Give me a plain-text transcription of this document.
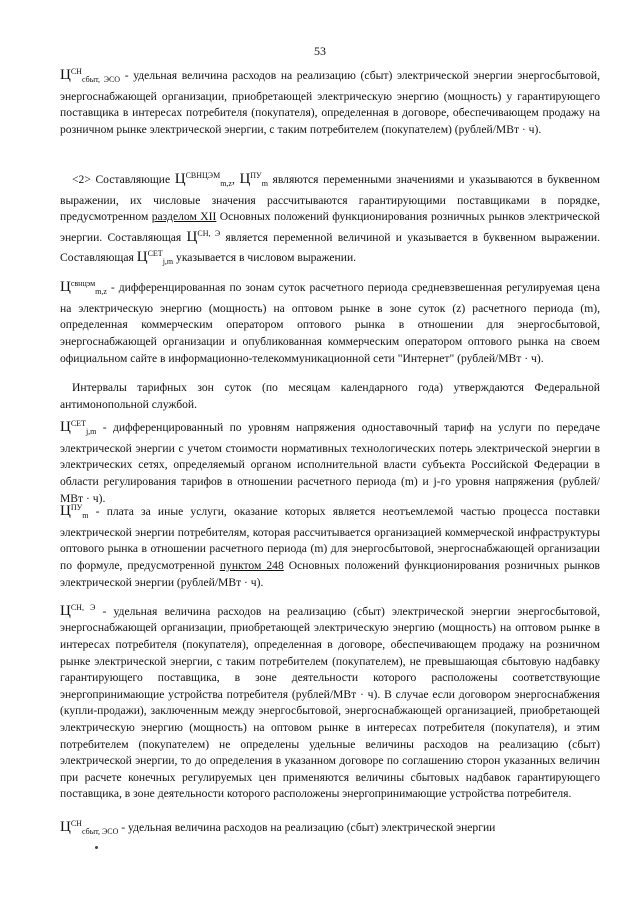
53

$Ц^{СН}_{сбыт, ЭСО}$ - удельная величина расходов на реализацию (сбыт) электрической энергии энергосбытовой, энергоснабжающей организации, приобретающей электрическую энергию (мощность) у гарантирующего поставщика в интересах потребителя (покупателя), определенная в договоре, обеспечивающем продажу на розничном рынке электрической энергии, с таким потребителем (покупателем) (рублей/МВт · ч).

<2> Составляющие $Ц^{СВНЦЭМ}_{m,z}$, $Ц^{ПУ}_m$ являются переменными значениями и указываются в буквенном выражении, их числовые значения рассчитываются гарантирующими поставщиками в порядке, предусмотренном разделом XII Основных положений функционирования розничных рынков электрической энергии. Составляющая $Ц^{СН, Э}$ является переменной величиной и указывается в буквенном выражении. Составляющая $Ц^{СЕТ}_{j,m}$ указывается в числовом выражении.

$Ц^{свнцэм}_{m,z}$ - дифференцированная по зонам суток расчетного периода средневзвешенная регулируемая цена на электрическую энергию (мощность) на оптовом рынке в зоне суток (z) расчетного периода (m), определенная коммерческим оператором оптового рынка в отношении для энергосбытовой, энергоснабжающей организации и опубликованная коммерческим оператором оптового рынка на своем официальном сайте в информационно-телекоммуникационной сети "Интернет" (рублей/МВт · ч).

Интервалы тарифных зон суток (по месяцам календарного года) утверждаются Федеральной антимонопольной службой.

$Ц^{СЕТ}_{j,m}$ - дифференцированный по уровням напряжения одноставочный тариф на услуги по передаче электрической энергии с учетом стоимости нормативных технологических потерь электрической энергии в электрических сетях, определяемый органом исполнительной власти субъекта Российской Федерации в области регулирования тарифов в отношении расчетного периода (m) и j-го уровня напряжения (рублей/МВт · ч).

$Ц^{ПУ}_m$ - плата за иные услуги, оказание которых является неотъемлемой частью процесса поставки электрической энергии потребителям, которая рассчитывается организацией коммерческой инфраструктуры оптового рынка в отношении расчетного периода (m) для энергосбытовой, энергоснабжающей организации по формуле, предусмотренной пунктом 248 Основных положений функционирования розничных рынков электрической энергии (рублей/МВт · ч).

$Ц^{СН, Э}$ - удельная величина расходов на реализацию (сбыт) электрической энергии энергосбытовой, энергоснабжающей организации, приобретающей электрическую энергию (мощность) на оптовом рынке в интересах потребителя (покупателя), определенная в договоре, обеспечивающем продажу на розничном рынке электрической энергии, с таким потребителем (покупателем), не превышающая сбытовую надбавку гарантирующего поставщика, в зоне деятельности которого расположены соответствующие энергопринимающие устройства потребителя (рублей/МВт · ч). В случае если договором энергоснабжения (купли-продажи), заключенным между энергосбытовой, энергоснабжающей организацией, приобретающей электрическую энергию (мощность) на оптовом рынке в интересах потребителя (покупателя), и этим потребителем (покупателем) не определены удельные величины расходов на реализацию (сбыт) электрической энергии, то до определения в указанном договоре по соглашению сторон указанных величин при расчете конечных регулируемых цен применяются величины сбытовых надбавок гарантирующего поставщика, в зоне деятельности которого расположены энергопринимающие устройства потребителя.

$Ц^{СН}_{сбыт, ЭСО}$ - удельная величина расходов на реализацию (сбыт) электрической энергии
